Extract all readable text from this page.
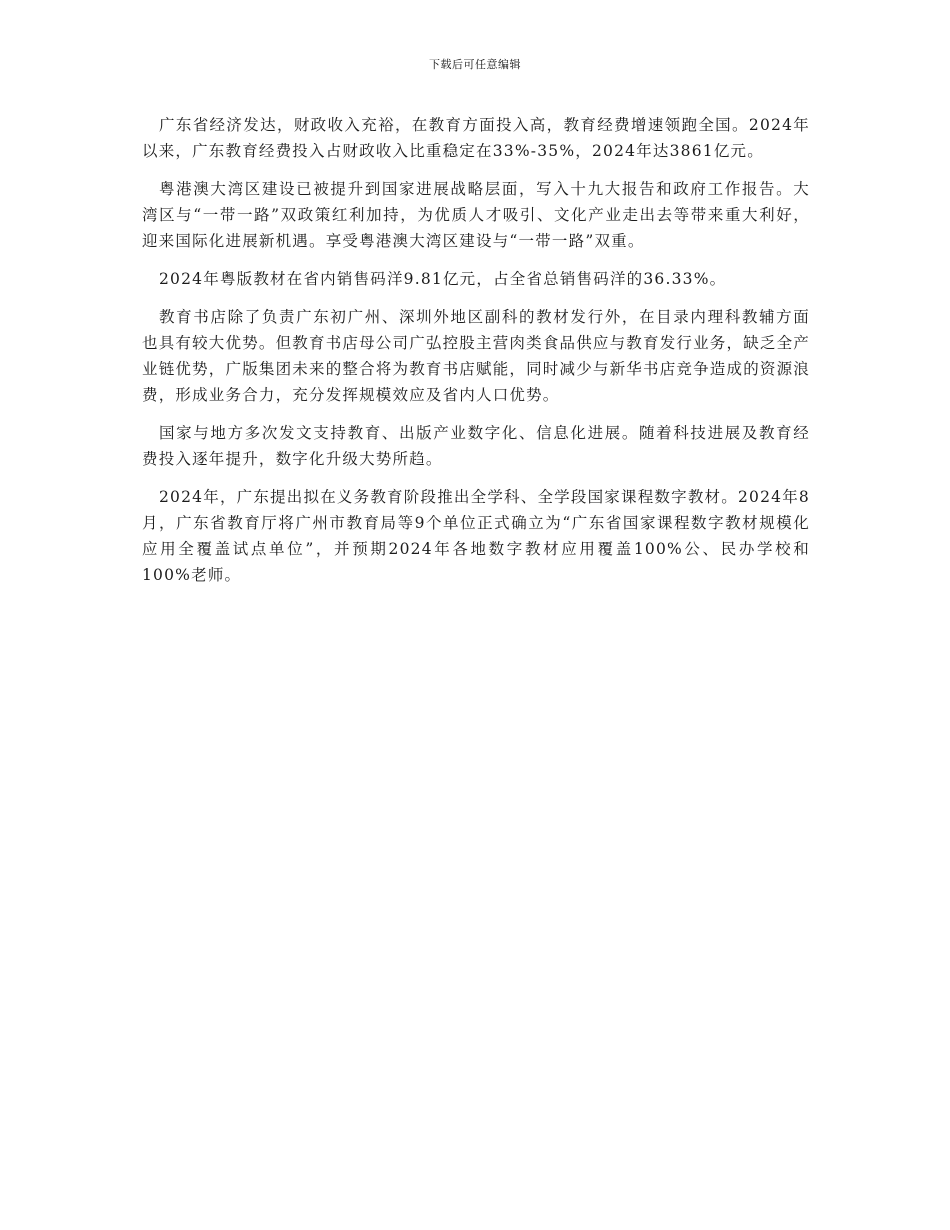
下载后可任意编辑

广东省经济发达，财政收入充裕，在教育方面投入高，教育经费增速领跑全国。2024年以来，广东教育经费投入占财政收入比重稳定在33%-35%，2024年达3861亿元。

粤港澳大湾区建设已被提升到国家进展战略层面，写入十九大报告和政府工作报告。大湾区与“一带一路”双政策红利加持，为优质人才吸引、文化产业走出去等带来重大利好，迎来国际化进展新机遇。享受粤港澳大湾区建设与“一带一路”双重。

2024年粤版教材在省内销售码洋9.81亿元，占全省总销售码洋的36.33%。

教育书店除了负责广东初广州、深圳外地区副科的教材发行外，在目录内理科教辅方面也具有较大优势。但教育书店母公司广弘控股主营肉类食品供应与教育发行业务，缺乏全产业链优势，广版集团未来的整合将为教育书店赋能，同时减少与新华书店竞争造成的资源浪费，形成业务合力，充分发挥规模效应及省内人口优势。

国家与地方多次发文支持教育、出版产业数字化、信息化进展。随着科技进展及教育经费投入逐年提升，数字化升级大势所趋。

2024年，广东提出拟在义务教育阶段推出全学科、全学段国家课程数字教材。2024年8月，广东省教育厅将广州市教育局等9个单位正式确立为“广东省国家课程数字教材规模化应用全覆盖试点单位”，并预期2024年各地数字教材应用覆盖100%公、民办学校和100%老师。
